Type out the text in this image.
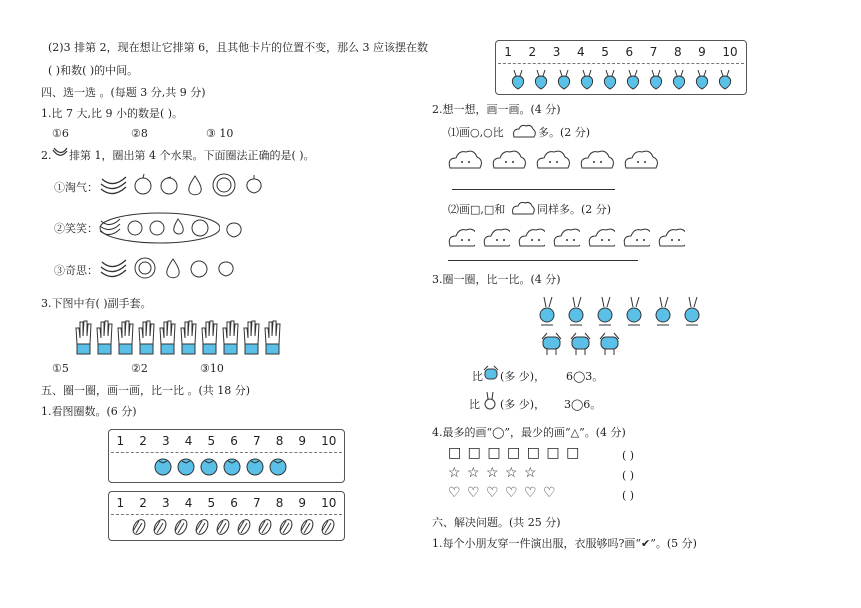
(2)3 排第 2，现在想让它排第 6，且其他卡片的位置不变，那么 3 应该摆在数
( )和数( )的中间。
四、选一选 。(每题 3 分,共 9 分)
1.比 7 大,比 9 小的数是( )。
①6	②8	③ 10
2. 排第 1，圈出第 4 个水果。下面圈法正确的是( )。
①淘气：
②笑笑：
③奇思：
3.下图中有( )副手套。
①5	②2	③10
五、圈一圈，画一画，比一比 。(共 18 分)
1.看图圈数。(6 分)
1 2 3 4 5 6 7 8 9 10
1 2 3 4 5 6 7 8 9 10
1 2 3 4 5 6 7 8 9 10
2.想一想，画一画。(4 分)
⑴画○,○比	多。(2 分)
⑵画□,□和	同样多。(2 分)
3.圈一圈，比一比。(4 分)
比 (多 少)， 6◯3。
比 (多 少)， 3◯6。
4.最多的画“◯”，最少的画“△”。(4 分)
□ □ □ □ □ □ □	( )
☆ ☆ ☆ ☆ ☆	( )
♡ ♡ ♡ ♡ ♡ ♡	( )
六、解决问题。(共 25 分)
1.每个小朋友穿一件演出服，衣服够吗?画“✔”。(5 分)
